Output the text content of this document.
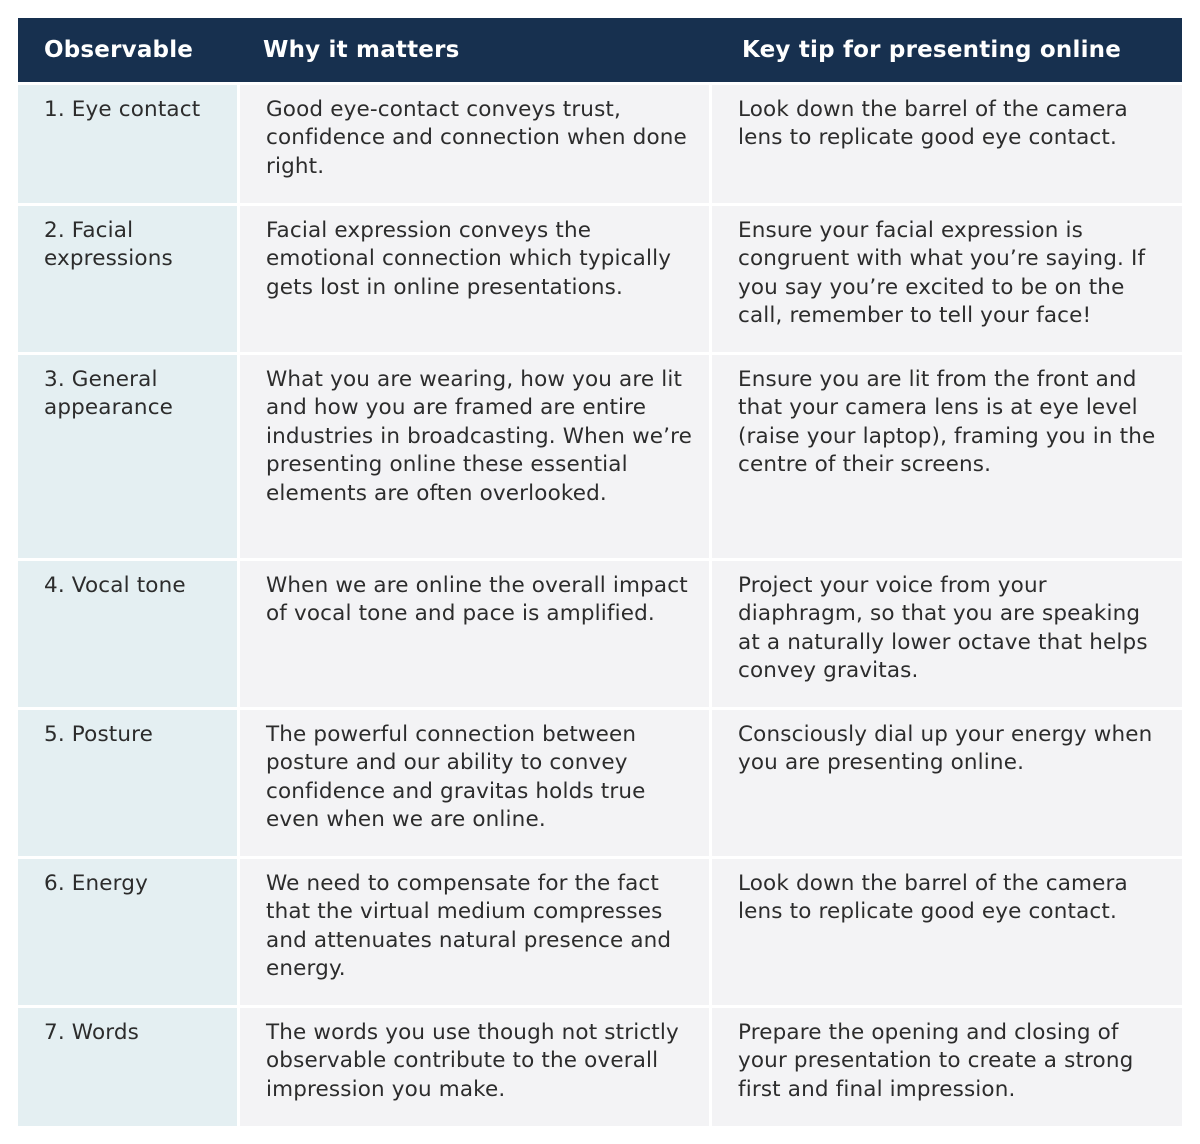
Observable	Why it matters	Key tip for presenting online
1. Eye contact	Good eye-contact conveys trust, confidence and connection when done right.	Look down the barrel of the camera lens to replicate good eye contact.
2. Facial expressions	Facial expression conveys the emotional connection which typically gets lost in online presentations.	Ensure your facial expression is congruent with what you’re saying. If you say you’re excited to be on the call, remember to tell your face!
3. General appearance	What you are wearing, how you are lit and how you are framed are entire industries in broadcasting. When we’re presenting online these essential elements are often overlooked.	Ensure you are lit from the front and that your camera lens is at eye level (raise your laptop), framing you in the centre of their screens.
4. Vocal tone	When we are online the overall impact of vocal tone and pace is amplified.	Project your voice from your diaphragm, so that you are speaking at a naturally lower octave that helps convey gravitas.
5. Posture	The powerful connection between posture and our ability to convey confidence and gravitas holds true even when we are online.	Consciously dial up your energy when you are presenting online.
6. Energy	We need to compensate for the fact that the virtual medium compresses and attenuates natural presence and energy.	Look down the barrel of the camera lens to replicate good eye contact.
7. Words	The words you use though not strictly observable contribute to the overall impression you make.	Prepare the opening and closing of your presentation to create a strong first and final impression.
